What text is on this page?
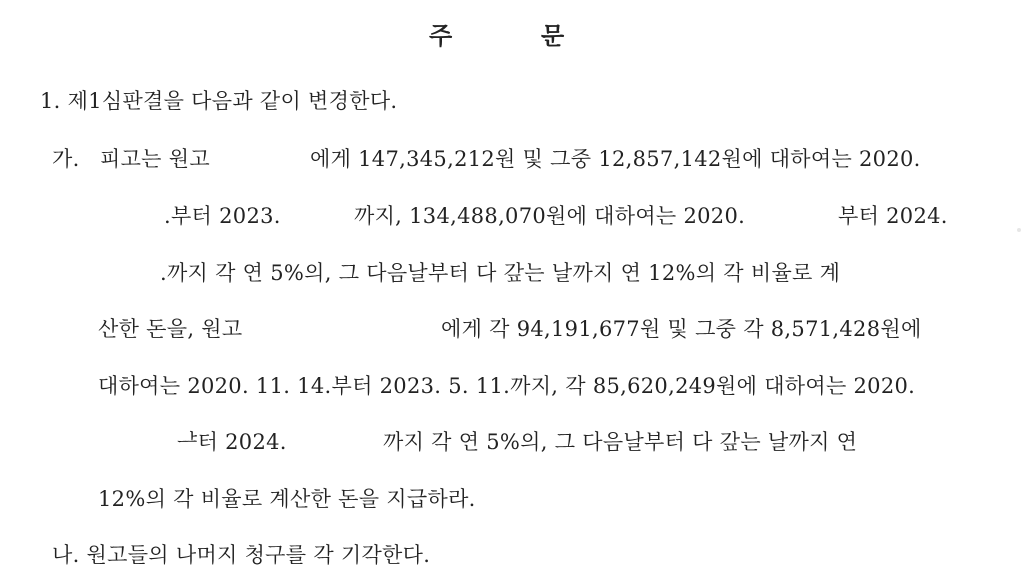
주

	문

1. 제1심판결을 다음과 같이 변경한다.
가. 피고는 원고	에게 147,345,212원 및 그중 12,857,142원에 대하여는 2020.
.부터 2023.	까지, 134,488,070원에 대하여는 2020.	부터 2024.
.까지 각 연 5%의, 그 다음날부터 다 갚는 날까지 연 12%의 각 비율로 계
산한 돈을, 원고	에게 각 94,191,677원 및 그중 각 8,571,428원에
대하여는 2020. 11. 14.부터 2023. 5. 11.까지, 각 85,620,249원에 대하여는 2020.
ᆣ터 2024.	까지 각 연 5%의, 그 다음날부터 다 갚는 날까지 연
12%의 각 비율로 계산한 돈을 지급하라.
나. 원고들의 나머지 청구를 각 기각한다.
